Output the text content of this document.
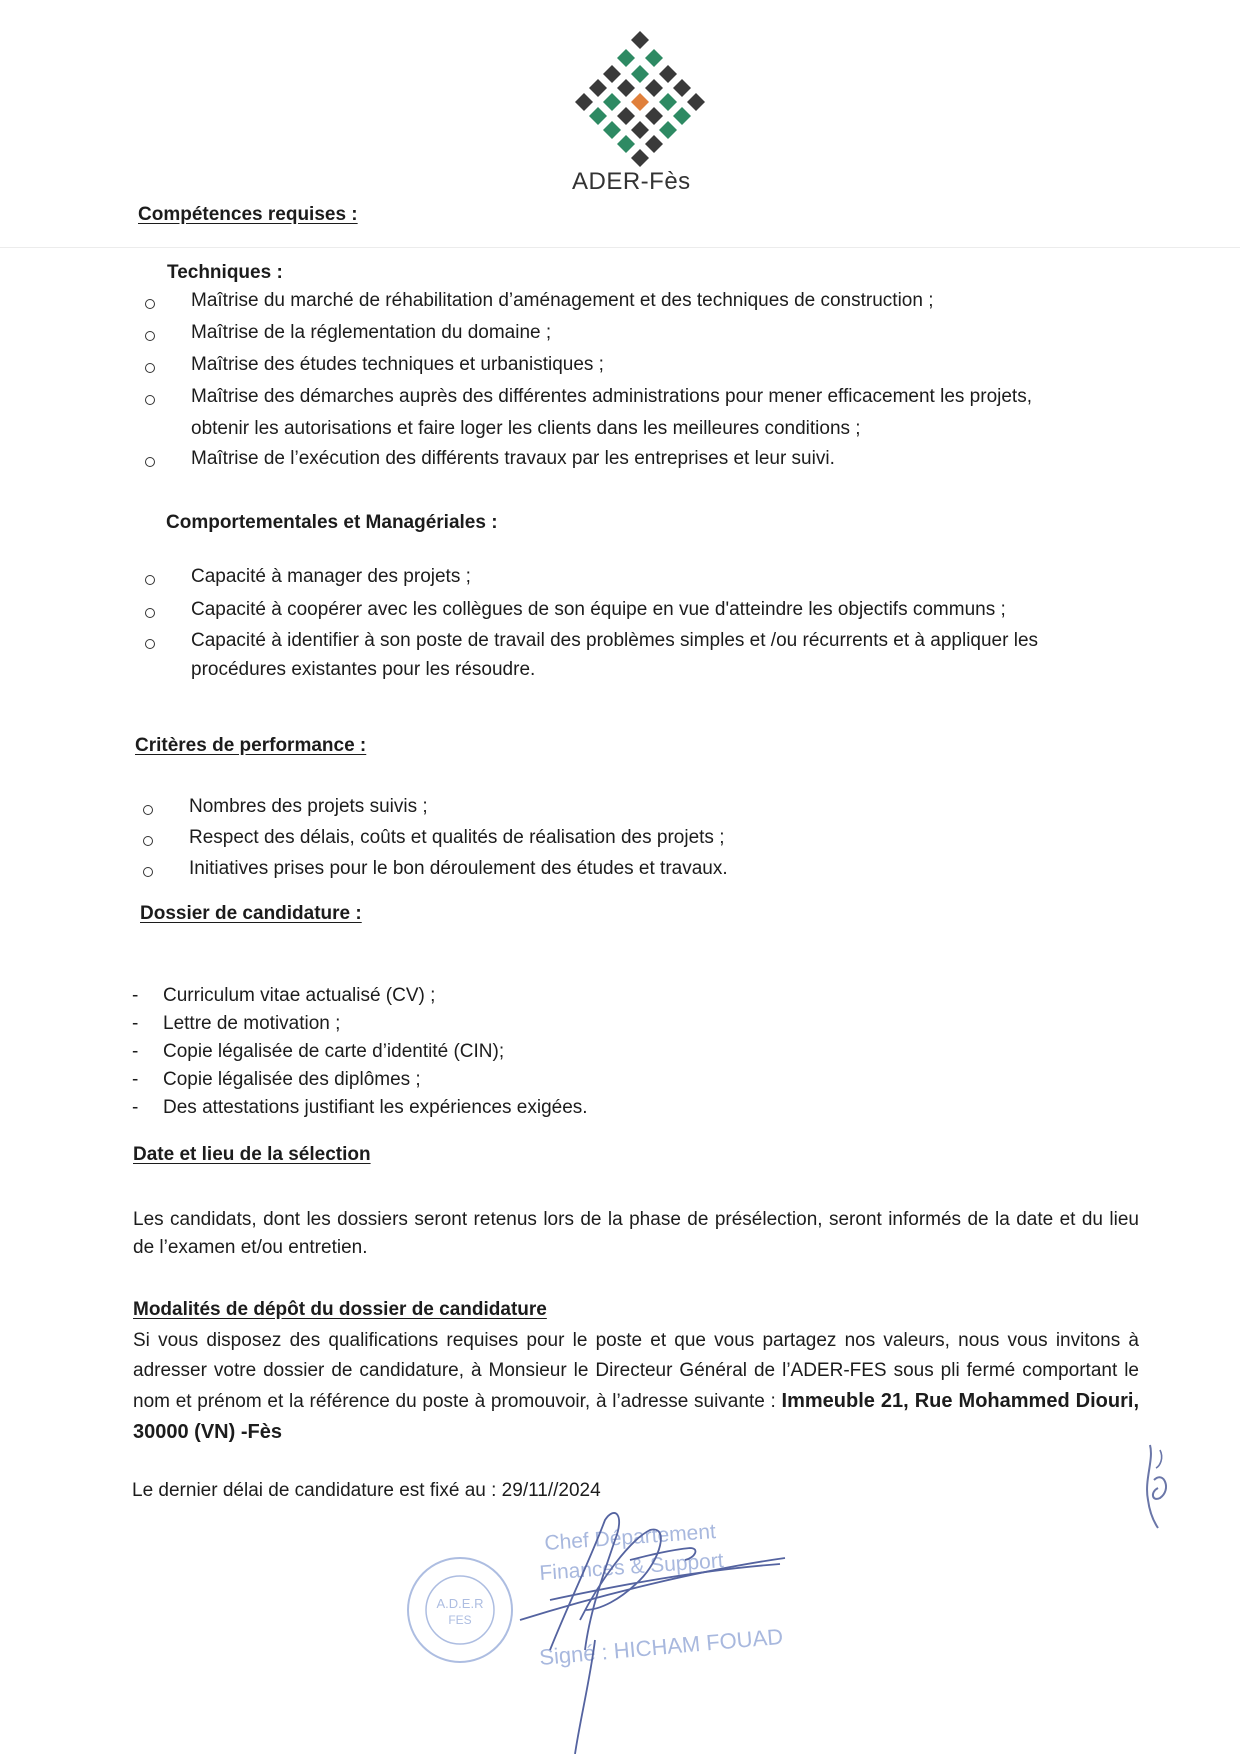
ADER-Fès
Compétences requises :
Techniques :
Maîtrise du marché de réhabilitation d’aménagement et des techniques de construction ;
Maîtrise de la réglementation du domaine ;
Maîtrise des études techniques et urbanistiques ;
Maîtrise des démarches auprès des différentes administrations pour mener efficacement les projets,
obtenir les autorisations et faire loger les clients dans les meilleures conditions ;
Maîtrise de l’exécution des différents travaux par les entreprises et leur suivi.
Comportementales et Managériales :
Capacité à manager des projets ;
Capacité à coopérer avec les collègues de son équipe en vue d'atteindre les objectifs communs ;
Capacité à identifier à son poste de travail des problèmes simples et /ou récurrents et à appliquer les
procédures existantes pour les résoudre.
Critères de performance :
Nombres des projets suivis ;
Respect des délais, coûts et qualités de réalisation des projets ;
Initiatives prises pour le bon déroulement des études et travaux.
Dossier de candidature :
- Curriculum vitae actualisé (CV) ;
- Lettre de motivation ;
- Copie légalisée de carte d’identité (CIN);
- Copie légalisée des diplômes ;
- Des attestations justifiant les expériences exigées.
Date et lieu de la sélection
Les candidats, dont les dossiers seront retenus lors de la phase de présélection, seront informés de la date et du lieu de l’examen et/ou entretien.
Modalités de dépôt du dossier de candidature
Si vous disposez des qualifications requises pour le poste et que vous partagez nos valeurs, nous vous invitons à adresser votre dossier de candidature, à Monsieur le Directeur Général de l’ADER-FES sous pli fermé comportant le nom et prénom et la référence du poste à promouvoir, à l’adresse suivante : Immeuble 21, Rue Mohammed Diouri, 30000 (VN) -Fès
Le dernier délai de candidature est fixé au : 29/11//2024
A.D.E.R
FES
Chef Département
Finances & Support
Signé : HICHAM FOUAD
